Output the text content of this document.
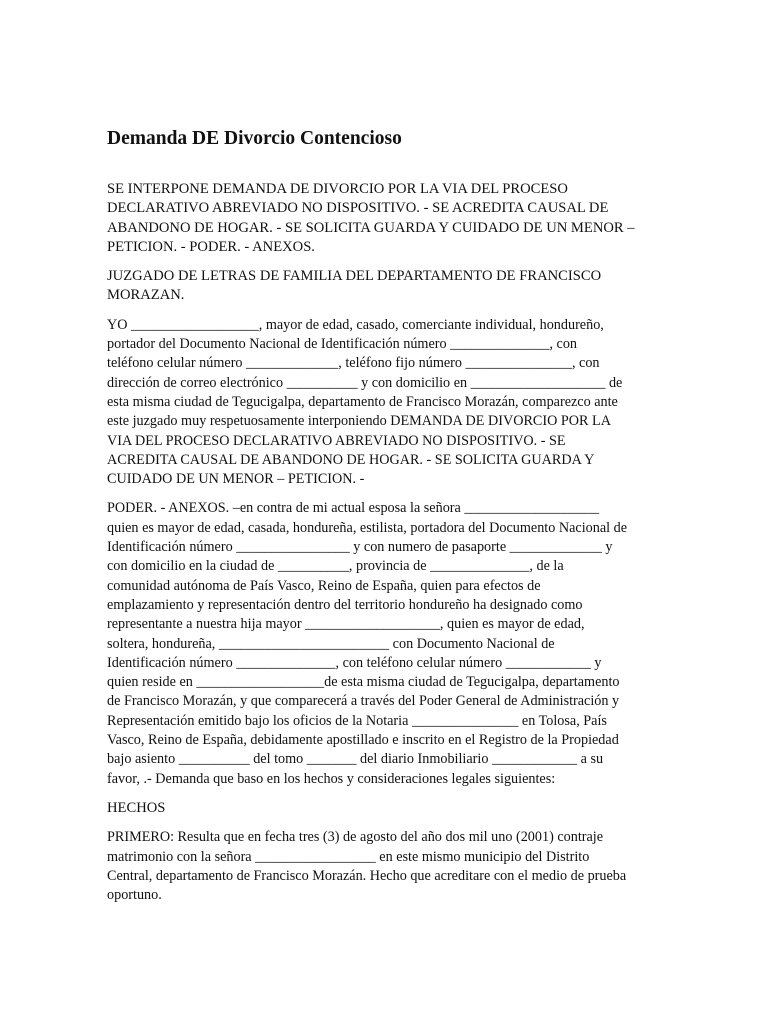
Demanda DE Divorcio Contencioso
SE INTERPONE DEMANDA DE DIVORCIO POR LA VIA DEL PROCESO
DECLARATIVO ABREVIADO NO DISPOSITIVO. - SE ACREDITA CAUSAL DE
ABANDONO DE HOGAR. - SE SOLICITA GUARDA Y CUIDADO DE UN MENOR –
PETICION. - PODER. - ANEXOS.
JUZGADO DE LETRAS DE FAMILIA DEL DEPARTAMENTO DE FRANCISCO
MORAZAN.
YO __________________, mayor de edad, casado, comerciante individual, hondureño,
portador del Documento Nacional de Identificación número ______________, con
teléfono celular número _____________, teléfono fijo número _______________, con
dirección de correo electrónico __________ y con domicilio en ___________________ de
esta misma ciudad de Tegucigalpa, departamento de Francisco Morazán, comparezco ante
este juzgado muy respetuosamente interponiendo DEMANDA DE DIVORCIO POR LA
VIA DEL PROCESO DECLARATIVO ABREVIADO NO DISPOSITIVO. - SE
ACREDITA CAUSAL DE ABANDONO DE HOGAR. - SE SOLICITA GUARDA Y
CUIDADO DE UN MENOR – PETICION. -
PODER. - ANEXOS. –en contra de mi actual esposa la señora ___________________
quien es mayor de edad, casada, hondureña, estilista, portadora del Documento Nacional de
Identificación número ________________ y con numero de pasaporte _____________ y
con domicilio en la ciudad de __________, provincia de ______________, de la
comunidad autónoma de País Vasco, Reino de España, quien para efectos de
emplazamiento y representación dentro del territorio hondureño ha designado como
representante a nuestra hija mayor ___________________, quien es mayor de edad,
soltera, hondureña, ________________________ con Documento Nacional de
Identificación número ______________, con teléfono celular número ____________ y
quien reside en __________________de esta misma ciudad de Tegucigalpa, departamento
de Francisco Morazán, y que comparecerá a través del Poder General de Administración y
Representación emitido bajo los oficios de la Notaria _______________ en Tolosa, País
Vasco, Reino de España, debidamente apostillado e inscrito en el Registro de la Propiedad
bajo asiento __________ del tomo _______ del diario Inmobiliario ____________ a su
favor, .- Demanda que baso en los hechos y consideraciones legales siguientes:
HECHOS
PRIMERO: Resulta que en fecha tres (3) de agosto del año dos mil uno (2001) contraje
matrimonio con la señora _________________ en este mismo municipio del Distrito
Central, departamento de Francisco Morazán. Hecho que acreditare con el medio de prueba
oportuno.
